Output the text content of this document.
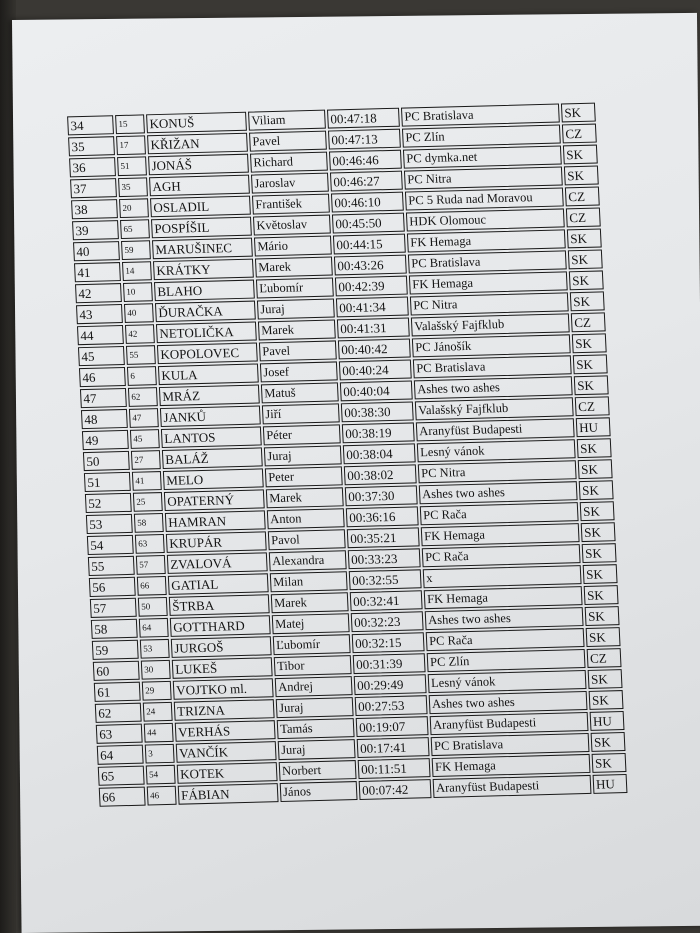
34	15	KONUŠ	Viliam	00:47:18	PC Bratislava	SK
35	17	KŘIŽAN	Pavel	00:47:13	PC Zlín	CZ
36	51	JONÁŠ	Richard	00:46:46	PC dymka.net	SK
37	35	AGH	Jaroslav	00:46:27	PC Nitra	SK
38	20	OSLADIL	František	00:46:10	PC 5 Ruda nad Moravou	CZ
39	65	POSPÍŠIL	Květoslav	00:45:50	HDK Olomouc	CZ
40	59	MARUŠINEC	Mário	00:44:15	FK Hemaga	SK
41	14	KRÁTKY	Marek	00:43:26	PC Bratislava	SK
42	10	BLAHO	Ľubomír	00:42:39	FK Hemaga	SK
43	40	ĎURAČKA	Juraj	00:41:34	PC Nitra	SK
44	42	NETOLIČKA	Marek	00:41:31	Valašský Fajfklub	CZ
45	55	KOPOLOVEC	Pavel	00:40:42	PC Jánošík	SK
46	6	KULA	Josef	00:40:24	PC Bratislava	SK
47	62	MRÁZ	Matuš	00:40:04	Ashes two ashes	SK
48	47	JANKŮ	Jiří	00:38:30	Valašský Fajfklub	CZ
49	45	LANTOS	Péter	00:38:19	Aranyfüst Budapesti	HU
50	27	BALÁŽ	Juraj	00:38:04	Lesný vánok	SK
51	41	MELO	Peter	00:38:02	PC Nitra	SK
52	25	OPATERNÝ	Marek	00:37:30	Ashes two ashes	SK
53	58	HAMRAN	Anton	00:36:16	PC Rača	SK
54	63	KRUPÁR	Pavol	00:35:21	FK Hemaga	SK
55	57	ZVALOVÁ	Alexandra	00:33:23	PC Rača	SK
56	66	GATIAL	Milan	00:32:55	x	SK
57	50	ŠTRBA	Marek	00:32:41	FK Hemaga	SK
58	64	GOTTHARD	Matej	00:32:23	Ashes two ashes	SK
59	53	JURGOŠ	Ľubomír	00:32:15	PC Rača	SK
60	30	LUKEŠ	Tibor	00:31:39	PC Zlín	CZ
61	29	VOJTKO ml.	Andrej	00:29:49	Lesný vánok	SK
62	24	TRIZNA	Juraj	00:27:53	Ashes two ashes	SK
63	44	VERHÁS	Tamás	00:19:07	Aranyfüst Budapesti	HU
64	3	VANČÍK	Juraj	00:17:41	PC Bratislava	SK
65	54	KOTEK	Norbert	00:11:51	FK Hemaga	SK
66	46	FÁBIAN	János	00:07:42	Aranyfüst Budapesti	HU
